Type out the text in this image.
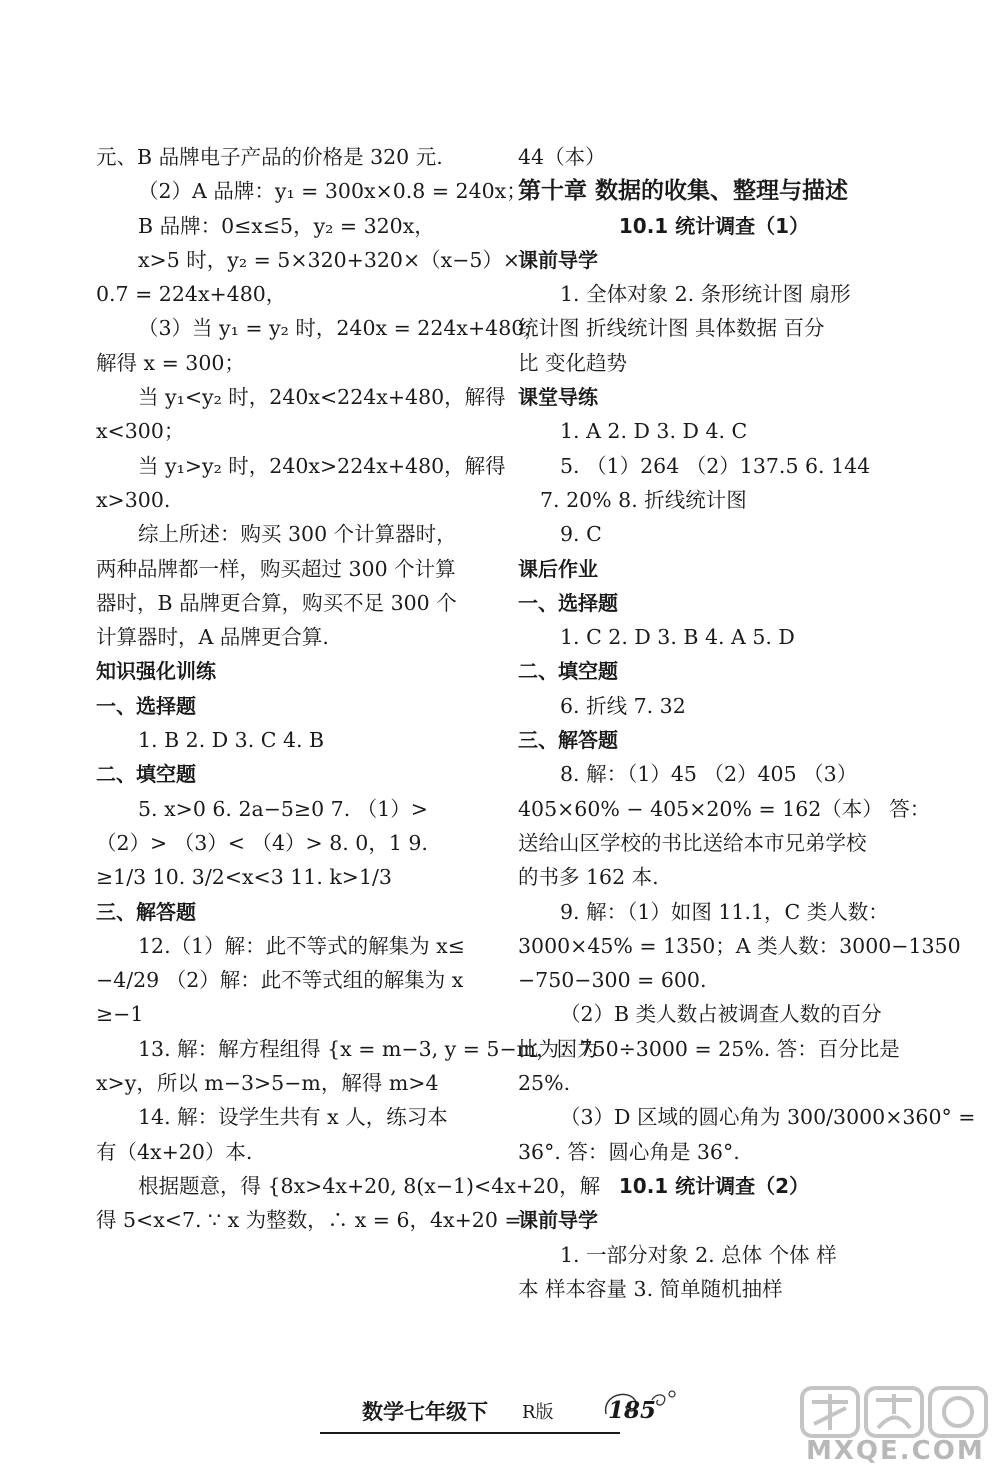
元、B 品牌电子产品的价格是 320 元.
（2）A 品牌：y₁ = 300x×0.8 = 240x；
B 品牌：0≤x≤5，y₂ = 320x，
x>5 时，y₂ = 5×320+320×（x−5）×
0.7 = 224x+480，
（3）当 y₁ = y₂ 时，240x = 224x+480，
解得 x = 300；
当 y₁<y₂ 时，240x<224x+480，解得
x<300；
当 y₁>y₂ 时，240x>224x+480，解得
x>300.
综上所述：购买 300 个计算器时，
两种品牌都一样，购买超过 300 个计算
器时，B 品牌更合算，购买不足 300 个
计算器时，A 品牌更合算.
知识强化训练
一、选择题
1. B 2. D 3. C 4. B
二、填空题
5. x>0 6. 2a−5≥0 7. （1）>
（2）> （3）< （4）> 8. 0，1 9.
≥1/3 10. 3/2<x<3 11. k>1/3
三、解答题
12.（1）解：此不等式的解集为 x≤
−4/29 （2）解：此不等式组的解集为 x
≥−1
13. 解：解方程组得 {x = m−3, y = 5−m，因为
x>y，所以 m−3>5−m，解得 m>4
14. 解：设学生共有 x 人，练习本
有（4x+20）本.
根据题意，得 {8x>4x+20, 8(x−1)<4x+20，解
得 5<x<7. ∵ x 为整数，∴ x = 6，4x+20 =
44（本）
第十章 数据的收集、整理与描述
10.1 统计调查（1）
课前导学
1. 全体对象 2. 条形统计图 扇形
统计图 折线统计图 具体数据 百分
比 变化趋势
课堂导练
1. A 2. D 3. D 4. C
5. （1）264 （2）137.5 6. 144
7. 20% 8. 折线统计图
9. C
课后作业
一、选择题
1. C 2. D 3. B 4. A 5. D
二、填空题
6. 折线 7. 32
三、解答题
8. 解：（1）45 （2）405 （3）
405×60% − 405×20% = 162（本） 答：
送给山区学校的书比送给本市兄弟学校
的书多 162 本.
9. 解：（1）如图 11.1，C 类人数：
3000×45% = 1350；A 类人数：3000−1350
−750−300 = 600.
（2）B 类人数占被调查人数的百分
比为：750÷3000 = 25%. 答：百分比是
25%.
（3）D 区域的圆心角为 300/3000×360° =
36°. 答：圆心角是 36°.
10.1 统计调查（2）
课前导学
1. 一部分对象 2. 总体 个体 样
本 样本容量 3. 简单随机抽样
数学七年级下 R版 185
MXQE.COM
